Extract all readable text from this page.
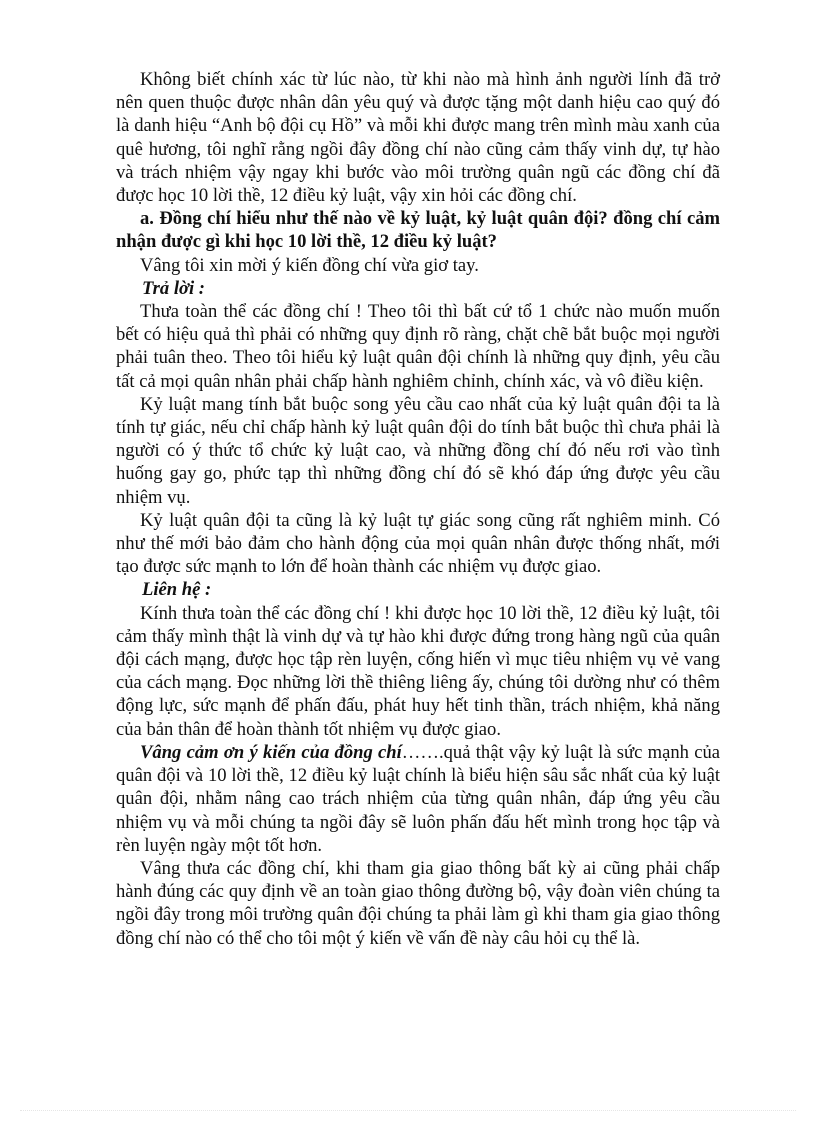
Không biết chính xác từ lúc nào, từ khi nào mà hình ảnh người lính đã trở nên quen thuộc được nhân dân yêu quý và được tặng một danh hiệu cao quý đó là danh hiệu “Anh bộ đội cụ Hồ” và mỗi khi được mang trên mình màu xanh của quê hương, tôi nghĩ rằng ngồi đây đồng chí nào cũng cảm thấy vinh dự, tự hào và trách nhiệm vậy ngay khi bước vào môi trường quân ngũ các đồng chí đã được học 10 lời thề, 12 điều kỷ luật, vậy xin hỏi các đồng chí.

a. Đồng chí hiểu như thế nào về kỷ luật, kỷ luật quân đội? đồng chí cảm nhận được gì khi học 10 lời thề, 12 điều kỷ luật?

Vâng tôi xin mời ý kiến đồng chí vừa giơ tay.

Trả lời :

Thưa toàn thể các đồng chí ! Theo tôi thì bất cứ tổ 1 chức nào muốn muốn bết có hiệu quả thì phải có những quy định rõ ràng, chặt chẽ bắt buộc mọi người phải tuân theo. Theo tôi hiểu kỷ luật quân đội chính là những quy định, yêu cầu tất cả mọi quân nhân phải chấp hành nghiêm chỉnh, chính xác, và vô điều kiện.

Kỷ luật mang tính bắt buộc song yêu cầu cao nhất của kỷ luật quân đội ta là tính tự giác, nếu chỉ chấp hành kỷ luật quân đội do tính bắt buộc thì chưa phải là người có ý thức tổ chức kỷ luật cao, và những đồng chí đó nếu rơi vào tình huống gay go, phức tạp thì những đồng chí đó sẽ khó đáp ứng được yêu cầu nhiệm vụ.

Kỷ luật quân đội ta cũng là kỷ luật tự giác song cũng rất nghiêm minh. Có như thế mới bảo đảm cho hành động của mọi quân nhân được thống nhất, mới tạo được sức mạnh to lớn để hoàn thành các nhiệm vụ được giao.

Liên hệ :

Kính thưa toàn thể các đồng chí ! khi được học 10 lời thề, 12 điều kỷ luật, tôi cảm thấy mình thật là vinh dự và tự hào khi được đứng trong hàng ngũ của quân đội cách mạng, được học tập rèn luyện, cống hiến vì mục tiêu nhiệm vụ vẻ vang của cách mạng. Đọc những lời thề thiêng liêng ấy, chúng tôi dường như có thêm động lực, sức mạnh để phấn đấu, phát huy hết tinh thần, trách nhiệm, khả năng của bản thân để hoàn thành tốt nhiệm vụ được giao.

Vâng cảm ơn ý kiến của đồng chí…….quả thật vậy kỷ luật là sức mạnh của quân đội và 10 lời thề, 12 điều kỷ luật chính là biểu hiện sâu sắc nhất của kỷ luật quân đội, nhằm nâng cao trách nhiệm của từng quân nhân, đáp ứng yêu cầu nhiệm vụ và mỗi chúng ta ngồi đây sẽ luôn phấn đấu hết mình trong học tập và rèn luyện ngày một tốt hơn.

Vâng thưa các đồng chí, khi tham gia giao thông bất kỳ ai cũng phải chấp hành đúng các quy định về an toàn giao thông đường bộ, vậy đoàn viên chúng ta ngồi đây trong môi trường quân đội chúng ta phải làm gì khi tham gia giao thông đồng chí nào có thể cho tôi một ý kiến về vấn đề này câu hỏi cụ thể là.
